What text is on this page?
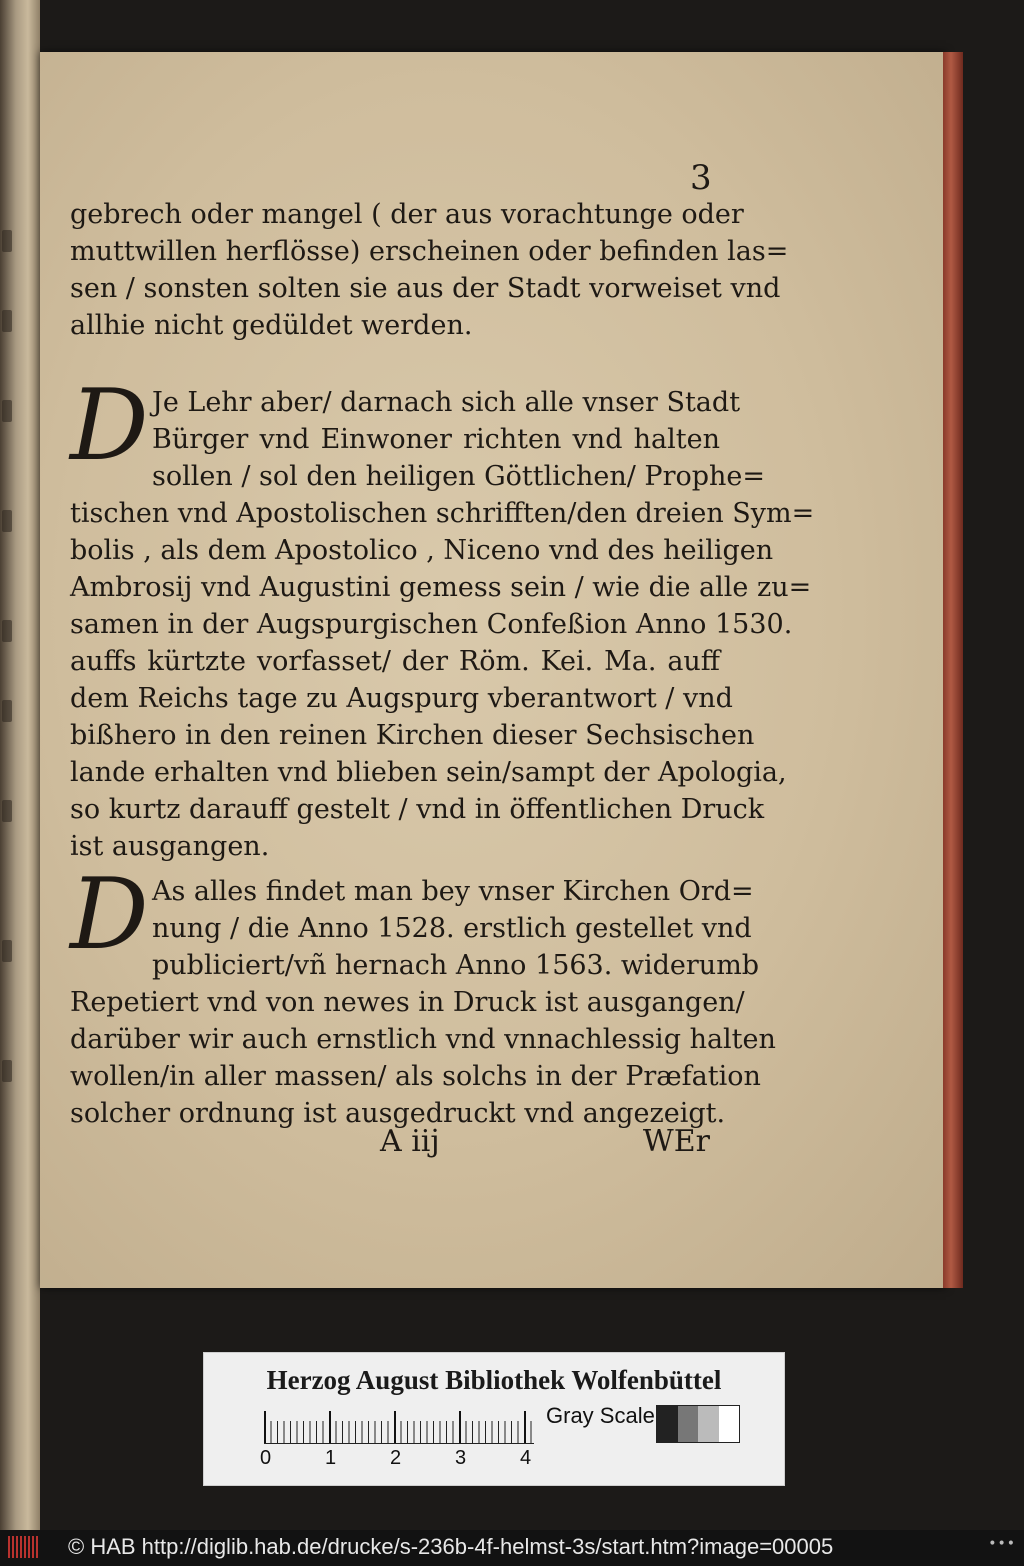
3
gebrech oder mangel ( der aus vorachtunge oder
muttwillen herflösse) erscheinen oder befinden las=
sen / sonsten solten sie aus der Stadt vorweiset vnd
allhie nicht gedüldet werden.
D Je Lehr aber/ darnach sich alle vnser Stadt
Bürger vnd Einwoner richten vnd halten
sollen / sol den heiligen Göttlichen/ Prophe=
tischen vnd Apostolischen schrifften/den dreien Sym=
bolis , als dem Apostolico , Niceno vnd des heiligen
Ambrosij vnd Augustini gemess sein / wie die alle zu=
samen in der Augspurgischen Confeßion Anno 1530.
auffs kürtzte vorfasset/ der Röm. Kei. Ma. auff
dem Reichs tage zu Augspurg vberantwort / vnd
bißhero in den reinen Kirchen dieser Sechsischen
lande erhalten vnd blieben sein/sampt der Apologia,
so kurtz darauff gestelt / vnd in öffentlichen Druck
ist ausgangen.
D As alles findet man bey vnser Kirchen Ord=
nung / die Anno 1528. erstlich gestellet vnd
publiciert/vñ hernach Anno 1563. widerumb
Repetiert vnd von newes in Druck ist ausgangen/
darüber wir auch ernstlich vnd vnnachlessig halten
wollen/in aller massen/ als solchs in der Præfation
solcher ordnung ist ausgedruckt vnd angezeigt.
A iij	WEr
Herzog August Bibliothek Wolfenbüttel
0	1	2	3	4
Gray Scale
© HAB http://diglib.hab.de/drucke/s-236b-4f-helmst-3s/start.htm?image=00005	•••
